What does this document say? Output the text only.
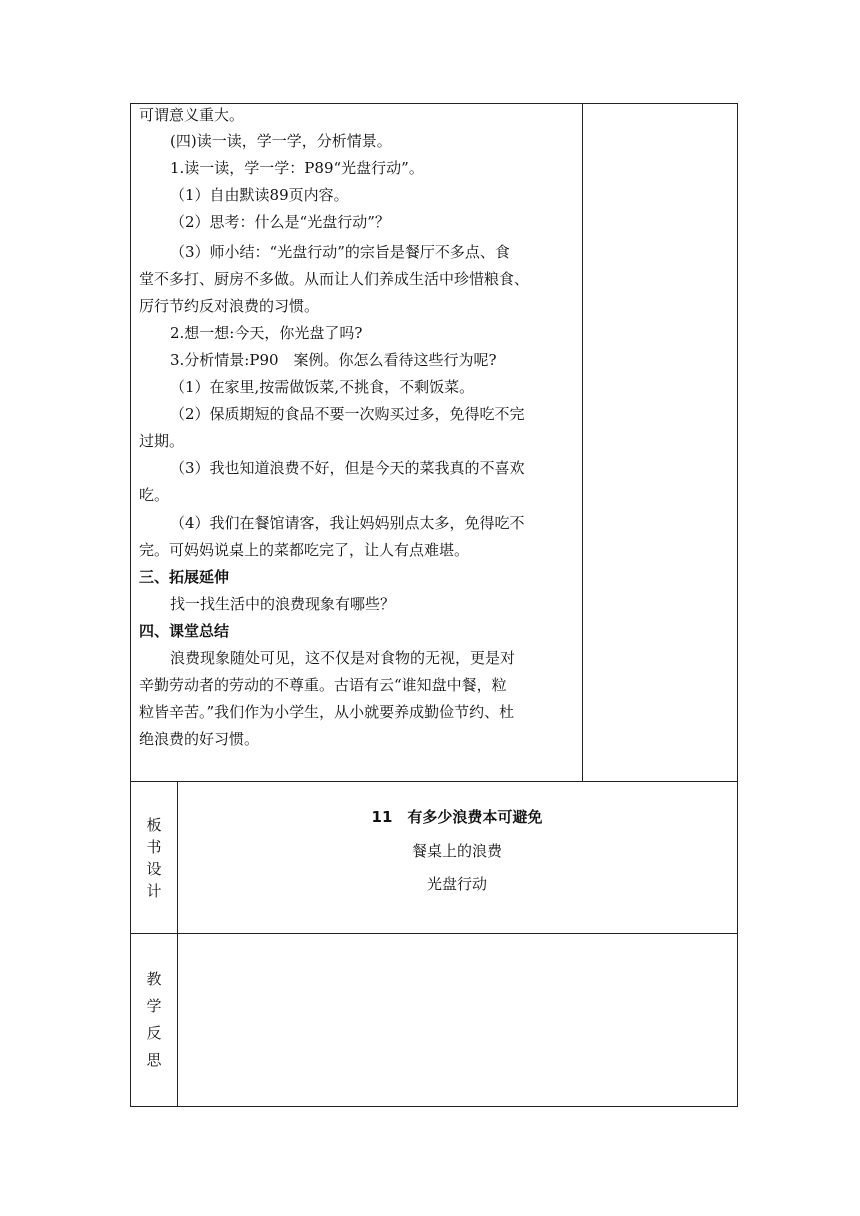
可谓意义重大。
(四)读一读，学一学，分析情景。
1.读一读，学一学：P89“光盘行动”。
（1）自由默读89页内容。
（2）思考：什么是“光盘行动”？
（3）师小结：“光盘行动”的宗旨是餐厅不多点、食
堂不多打、厨房不多做。从而让人们养成生活中珍惜粮食、
厉行节约反对浪费的习惯。
2.想一想:今天，你光盘了吗?
3.分析情景:P90　案例。你怎么看待这些行为呢?
（1）在家里,按需做饭菜,不挑食，不剩饭菜。
（2）保质期短的食品不要一次购买过多，免得吃不完
过期。
（3）我也知道浪费不好，但是今天的菜我真的不喜欢
吃。
（4）我们在餐馆请客，我让妈妈别点太多，免得吃不
完。可妈妈说桌上的菜都吃完了，让人有点难堪。
三、拓展延伸
找一找生活中的浪费现象有哪些？
四、课堂总结
浪费现象随处可见，这不仅是对食物的无视，更是对
辛勤劳动者的劳动的不尊重。古语有云“谁知盘中餐，粒
粒皆辛苦。”我们作为小学生，从小就要养成勤俭节约、杜
绝浪费的好习惯。
板
书
设
计
11　有多少浪费本可避免
餐桌上的浪费
光盘行动
教
学
反
思
